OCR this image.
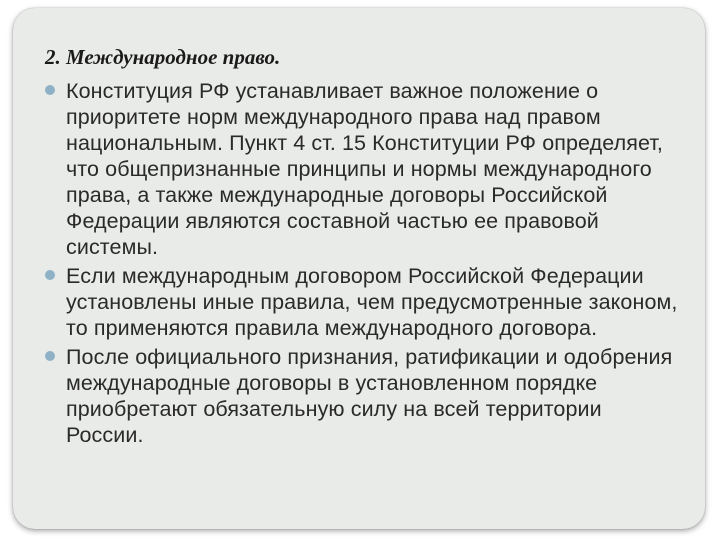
2. Международное право.
Конституция РФ устанавливает важное положение о приоритете норм международного права над правом национальным. Пункт 4 ст. 15 Конституции РФ определяет, что общепризнанные принципы и нормы международного права, а также международные договоры Российской Федерации являются составной частью ее правовой системы.
Если международным договором Российской Федерации установлены иные правила, чем предусмотренные законом, то применяются правила международного договора.
После официального признания, ратификации и одобрения международные договоры в установленном порядке приобретают обязательную силу на всей территории России.
